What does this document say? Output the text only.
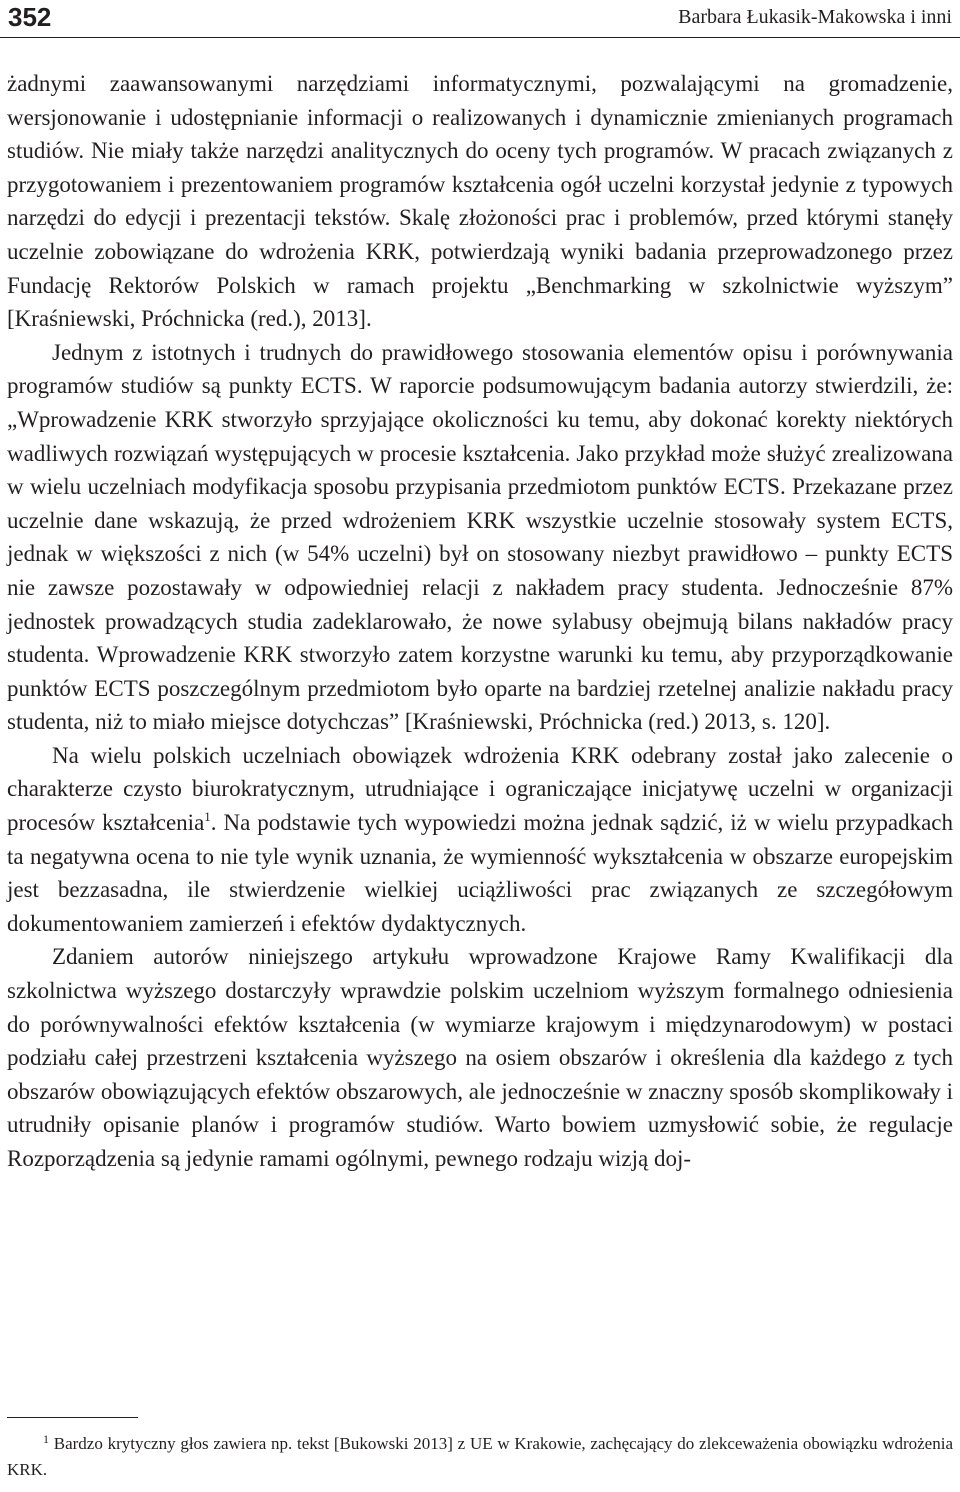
352	Barbara Łukasik-Makowska i inni

żadnymi zaawansowanymi narzędziami informatycznymi, pozwalającymi na gromadzenie, wersjonowanie i udostępnianie informacji o realizowanych i dynamicznie zmienianych programach studiów. Nie miały także narzędzi analitycznych do oceny tych programów. W pracach związanych z przygotowaniem i prezentowaniem programów kształcenia ogół uczelni korzystał jedynie z typowych narzędzi do edycji i prezentacji tekstów. Skalę złożoności prac i problemów, przed którymi stanęły uczelnie zobowiązane do wdrożenia KRK, potwierdzają wyniki badania przeprowadzonego przez Fundację Rektorów Polskich w ramach projektu „Benchmarking w szkolnictwie wyższym” [Kraśniewski, Próchnicka (red.), 2013].

Jednym z istotnych i trudnych do prawidłowego stosowania elementów opisu i porównywania programów studiów są punkty ECTS. W raporcie podsumowującym badania autorzy stwierdzili, że: „Wprowadzenie KRK stworzyło sprzyjające okoliczności ku temu, aby dokonać korekty niektórych wadliwych rozwiązań występujących w procesie kształcenia. Jako przykład może służyć zrealizowana w wielu uczelniach modyfikacja sposobu przypisania przedmiotom punktów ECTS. Przekazane przez uczelnie dane wskazują, że przed wdrożeniem KRK wszystkie uczelnie stosowały system ECTS, jednak w większości z nich (w 54% uczelni) był on stosowany niezbyt prawidłowo – punkty ECTS nie zawsze pozostawały w odpowiedniej relacji z nakładem pracy studenta. Jednocześnie 87% jednostek prowadzących studia zadeklarowało, że nowe sylabusy obejmują bilans nakładów pracy studenta. Wprowadzenie KRK stworzyło zatem korzystne warunki ku temu, aby przyporządkowanie punktów ECTS poszczególnym przedmiotom było oparte na bardziej rzetelnej analizie nakładu pracy studenta, niż to miało miejsce dotychczas” [Kraśniewski, Próchnicka (red.) 2013, s. 120].

Na wielu polskich uczelniach obowiązek wdrożenia KRK odebrany został jako zalecenie o charakterze czysto biurokratycznym, utrudniające i ograniczające inicjatywę uczelni w organizacji procesów kształcenia$^1$. Na podstawie tych wypowiedzi można jednak sądzić, iż w wielu przypadkach ta negatywna ocena to nie tyle wynik uznania, że wymienność wykształcenia w obszarze europejskim jest bezzasadna, ile stwierdzenie wielkiej uciążliwości prac związanych ze szczegółowym dokumentowaniem zamierzeń i efektów dydaktycznych.

Zdaniem autorów niniejszego artykułu wprowadzone Krajowe Ramy Kwalifikacji dla szkolnictwa wyższego dostarczyły wprawdzie polskim uczelniom wyższym formalnego odniesienia do porównywalności efektów kształcenia (w wymiarze krajowym i międzynarodowym) w postaci podziału całej przestrzeni kształcenia wyższego na osiem obszarów i określenia dla każdego z tych obszarów obowiązujących efektów obszarowych, ale jednocześnie w znaczny sposób skomplikowały i utrudniły opisanie planów i programów studiów. Warto bowiem uzmysłowić sobie, że regulacje Rozporządzenia są jedynie ramami ogólnymi, pewnego rodzaju wizją doj-

$^1$ Bardzo krytyczny głos zawiera np. tekst [Bukowski 2013] z UE w Krakowie, zachęcający do zlekceważenia obowiązku wdrożenia KRK.
